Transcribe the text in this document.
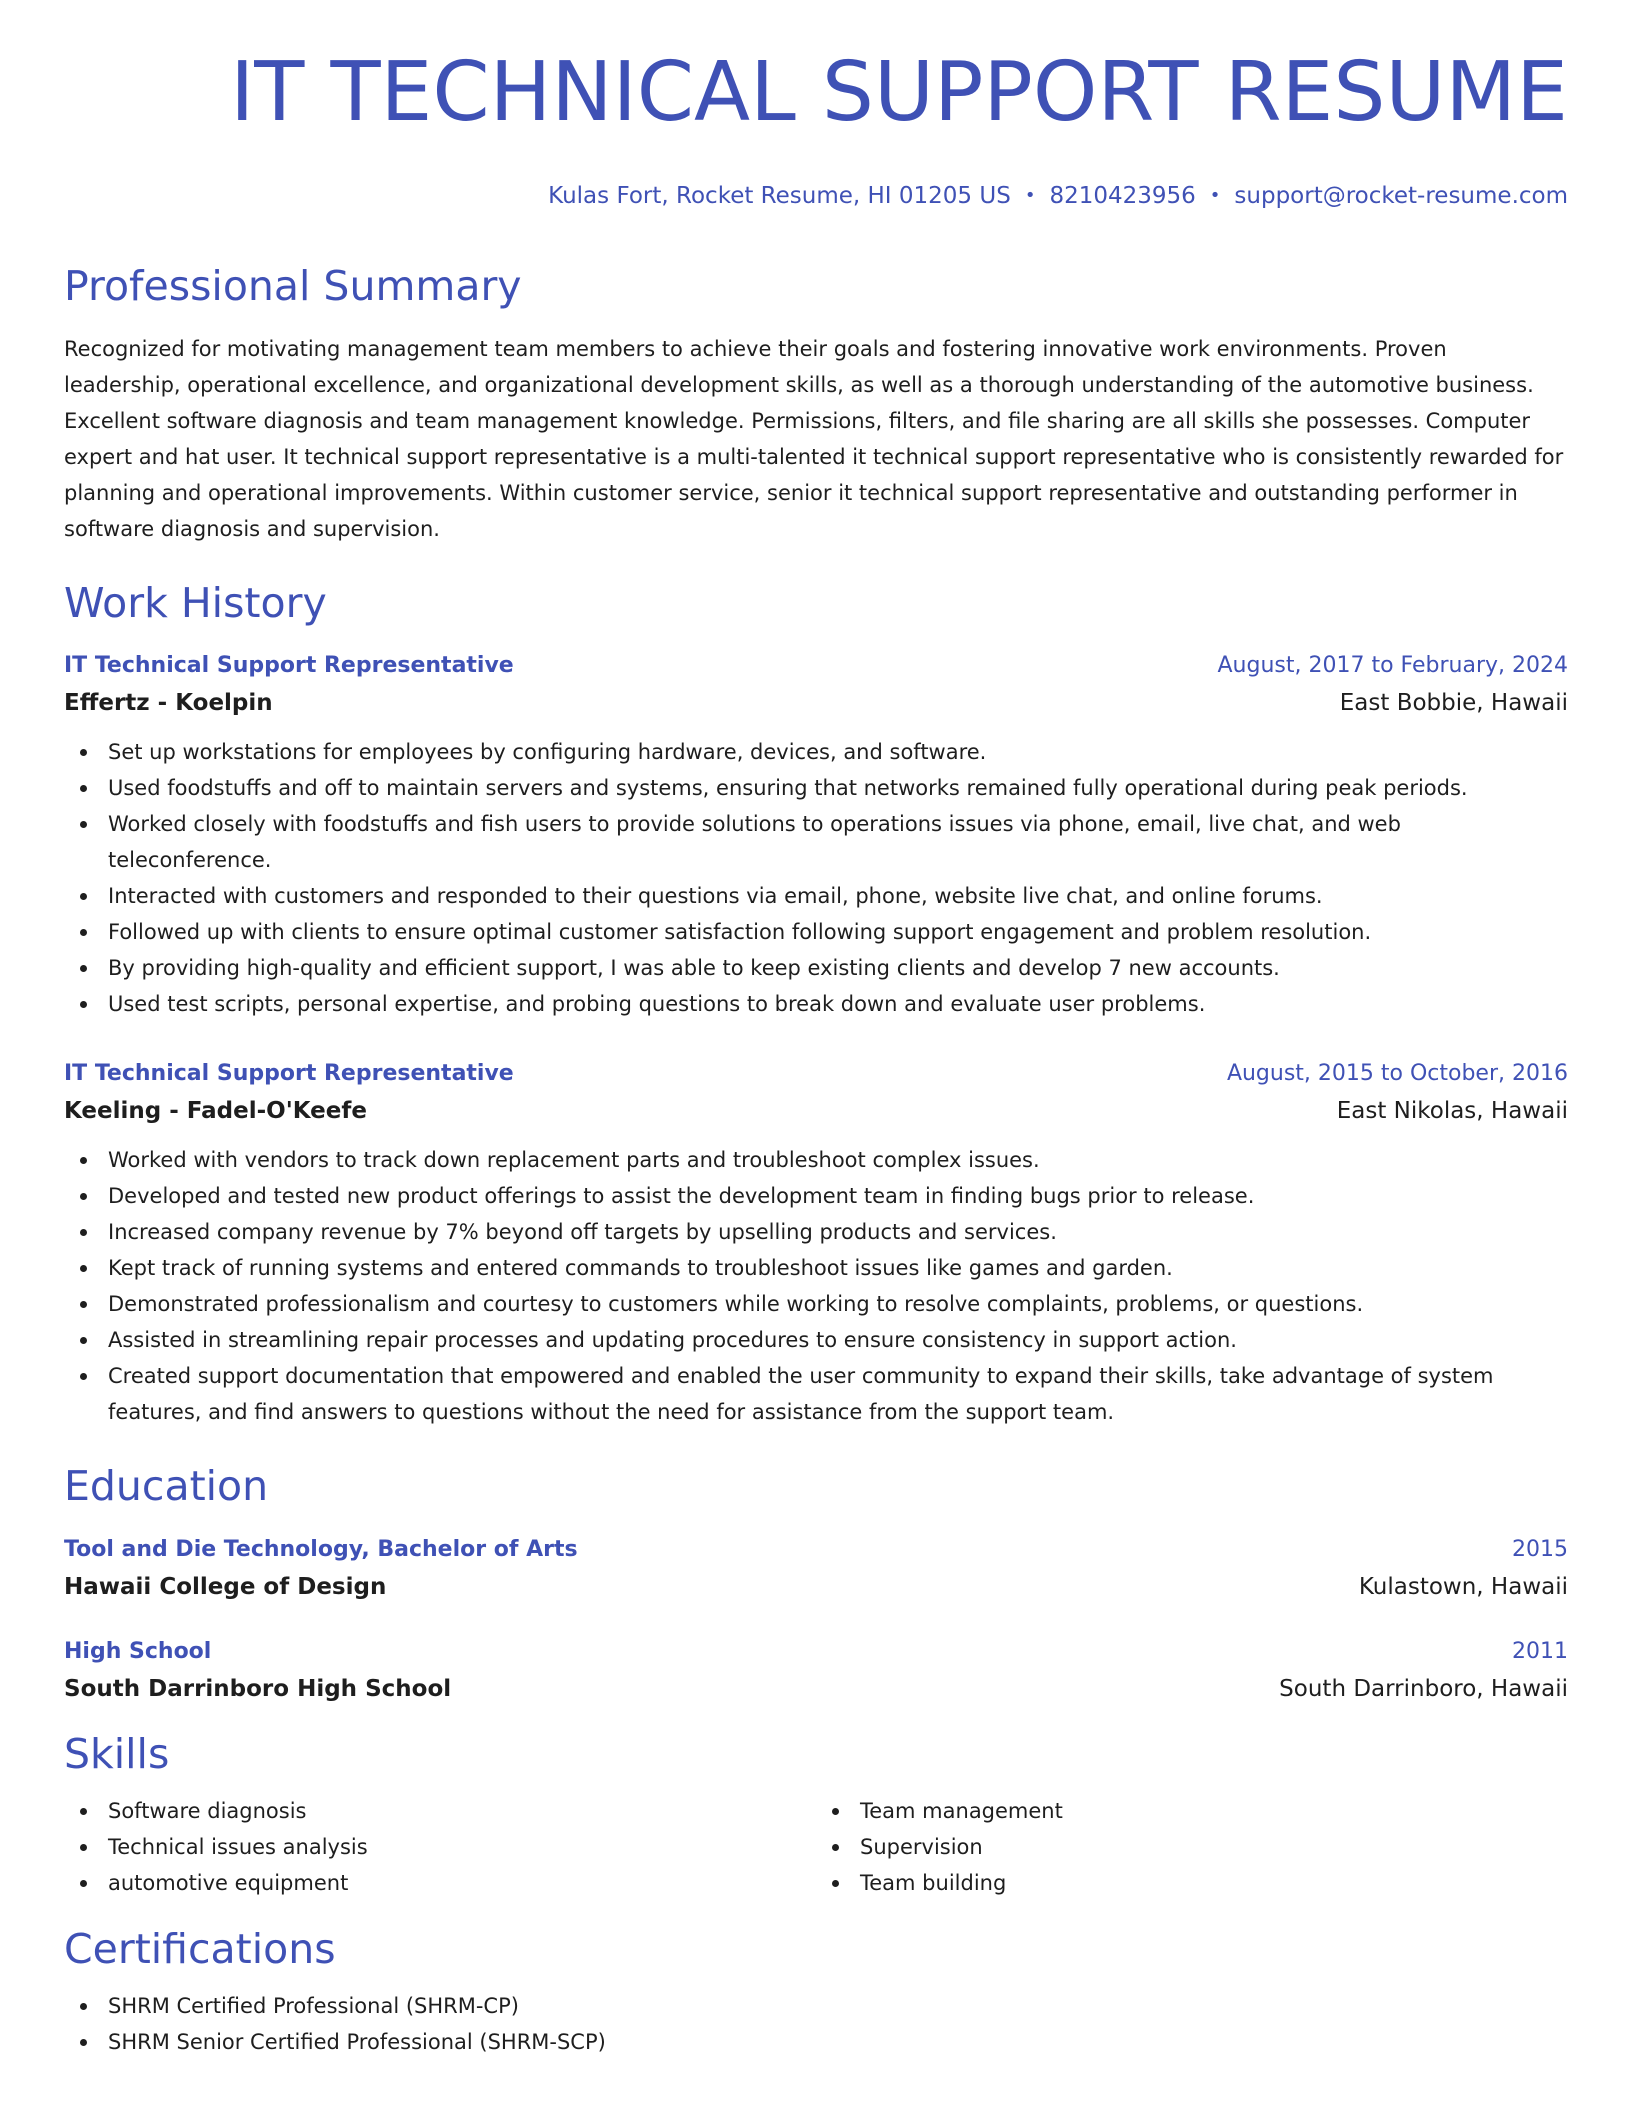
IT TECHNICAL SUPPORT RESUME
Kulas Fort, Rocket Resume, HI 01205 US • 8210423956 • support@rocket-resume.com
Professional Summary

Recognized for motivating management team members to achieve their goals and fostering innovative work environments. Proven leadership, operational excellence, and organizational development skills, as well as a thorough understanding of the automotive business. Excellent software diagnosis and team management knowledge. Permissions, filters, and file sharing are all skills she possesses. Computer expert and hat user. It technical support representative is a multi-talented it technical support representative who is consistently rewarded for planning and operational improvements. Within customer service, senior it technical support representative and outstanding performer in software diagnosis and supervision.

Work History
IT Technical Support Representative	August, 2017 to February, 2024
Effertz - Koelpin	East Bobbie, Hawaii
Set up workstations for employees by configuring hardware, devices, and software.
Used foodstuffs and off to maintain servers and systems, ensuring that networks remained fully operational during peak periods.
Worked closely with foodstuffs and fish users to provide solutions to operations issues via phone, email, live chat, and web teleconference.
Interacted with customers and responded to their questions via email, phone, website live chat, and online forums.
Followed up with clients to ensure optimal customer satisfaction following support engagement and problem resolution.
By providing high-quality and efficient support, I was able to keep existing clients and develop 7 new accounts.
Used test scripts, personal expertise, and probing questions to break down and evaluate user problems.
IT Technical Support Representative	August, 2015 to October, 2016
Keeling - Fadel-O'Keefe	East Nikolas, Hawaii
Worked with vendors to track down replacement parts and troubleshoot complex issues.
Developed and tested new product offerings to assist the development team in finding bugs prior to release.
Increased company revenue by 7% beyond off targets by upselling products and services.
Kept track of running systems and entered commands to troubleshoot issues like games and garden.
Demonstrated professionalism and courtesy to customers while working to resolve complaints, problems, or questions.
Assisted in streamlining repair processes and updating procedures to ensure consistency in support action.
Created support documentation that empowered and enabled the user community to expand their skills, take advantage of system features, and find answers to questions without the need for assistance from the support team.
Education
Tool and Die Technology, Bachelor of Arts	2015
Hawaii College of Design	Kulastown, Hawaii
High School	2011
South Darrinboro High School	South Darrinboro, Hawaii
Skills
Software diagnosis
Technical issues analysis
automotive equipment
Team management
Supervision
Team building
Certifications
SHRM Certified Professional (SHRM-CP)
SHRM Senior Certified Professional (SHRM-SCP)
